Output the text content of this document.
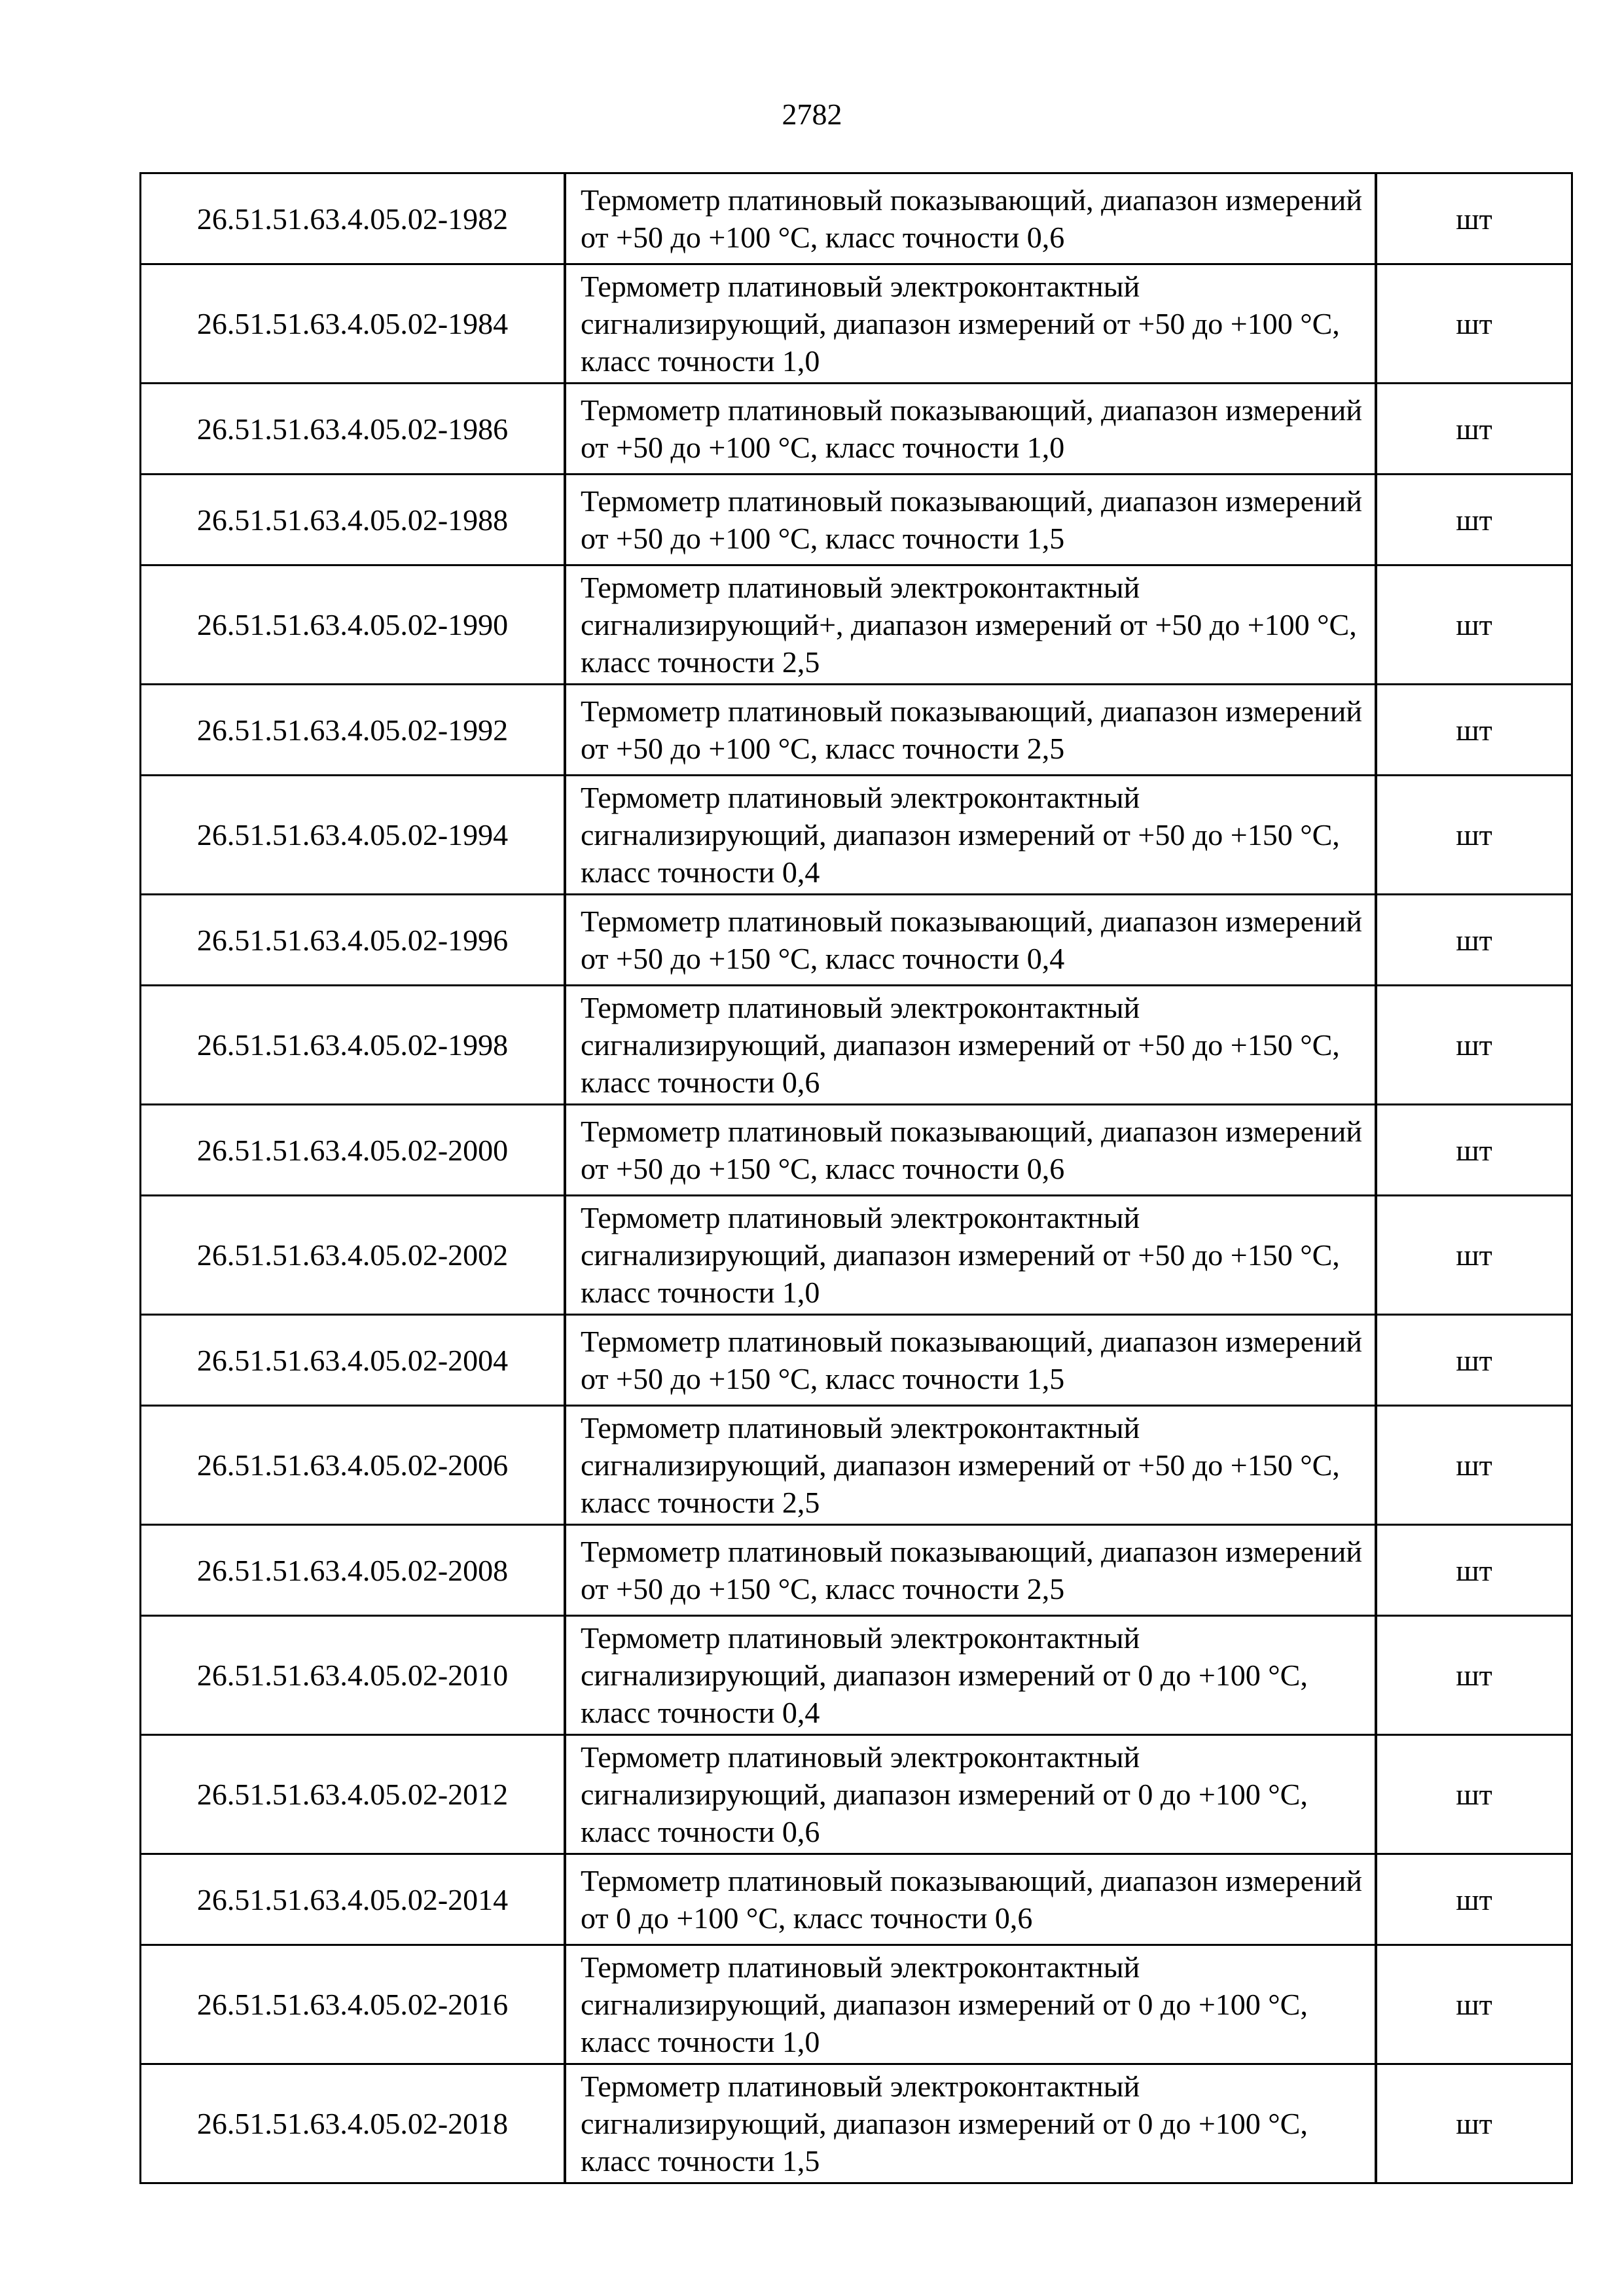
2782
26.51.51.63.4.05.02-1982	Термометр платиновый показывающий, диапазон измерений от +50 до +100 °С, класс точности 0,6	шт
26.51.51.63.4.05.02-1984	Термометр платиновый электроконтактный сигнализирующий, диапазон измерений от +50 до +100 °С, класс точности 1,0	шт
26.51.51.63.4.05.02-1986	Термометр платиновый показывающий, диапазон измерений от +50 до +100 °С, класс точности 1,0	шт
26.51.51.63.4.05.02-1988	Термометр платиновый показывающий, диапазон измерений от +50 до +100 °С, класс точности 1,5	шт
26.51.51.63.4.05.02-1990	Термометр платиновый электроконтактный сигнализирующий+, диапазон измерений от +50 до +100 °С, класс точности 2,5	шт
26.51.51.63.4.05.02-1992	Термометр платиновый показывающий, диапазон измерений от +50 до +100 °С, класс точности 2,5	шт
26.51.51.63.4.05.02-1994	Термометр платиновый электроконтактный сигнализирующий, диапазон измерений от +50 до +150 °С, класс точности 0,4	шт
26.51.51.63.4.05.02-1996	Термометр платиновый показывающий, диапазон измерений от +50 до +150 °С, класс точности 0,4	шт
26.51.51.63.4.05.02-1998	Термометр платиновый электроконтактный сигнализирующий, диапазон измерений от +50 до +150 °С, класс точности 0,6	шт
26.51.51.63.4.05.02-2000	Термометр платиновый показывающий, диапазон измерений от +50 до +150 °С, класс точности 0,6	шт
26.51.51.63.4.05.02-2002	Термометр платиновый электроконтактный сигнализирующий, диапазон измерений от +50 до +150 °С, класс точности 1,0	шт
26.51.51.63.4.05.02-2004	Термометр платиновый показывающий, диапазон измерений от +50 до +150 °С, класс точности 1,5	шт
26.51.51.63.4.05.02-2006	Термометр платиновый электроконтактный сигнализирующий, диапазон измерений от +50 до +150 °С, класс точности 2,5	шт
26.51.51.63.4.05.02-2008	Термометр платиновый показывающий, диапазон измерений от +50 до +150 °С, класс точности 2,5	шт
26.51.51.63.4.05.02-2010	Термометр платиновый электроконтактный сигнализирующий, диапазон измерений от 0 до +100 °С, класс точности 0,4	шт
26.51.51.63.4.05.02-2012	Термометр платиновый электроконтактный сигнализирующий, диапазон измерений от 0 до +100 °С, класс точности 0,6	шт
26.51.51.63.4.05.02-2014	Термометр платиновый показывающий, диапазон измерений от 0 до +100 °С, класс точности 0,6	шт
26.51.51.63.4.05.02-2016	Термометр платиновый электроконтактный сигнализирующий, диапазон измерений от 0 до +100 °С, класс точности 1,0	шт
26.51.51.63.4.05.02-2018	Термометр платиновый электроконтактный сигнализирующий, диапазон измерений от 0 до +100 °С, класс точности 1,5	шт
